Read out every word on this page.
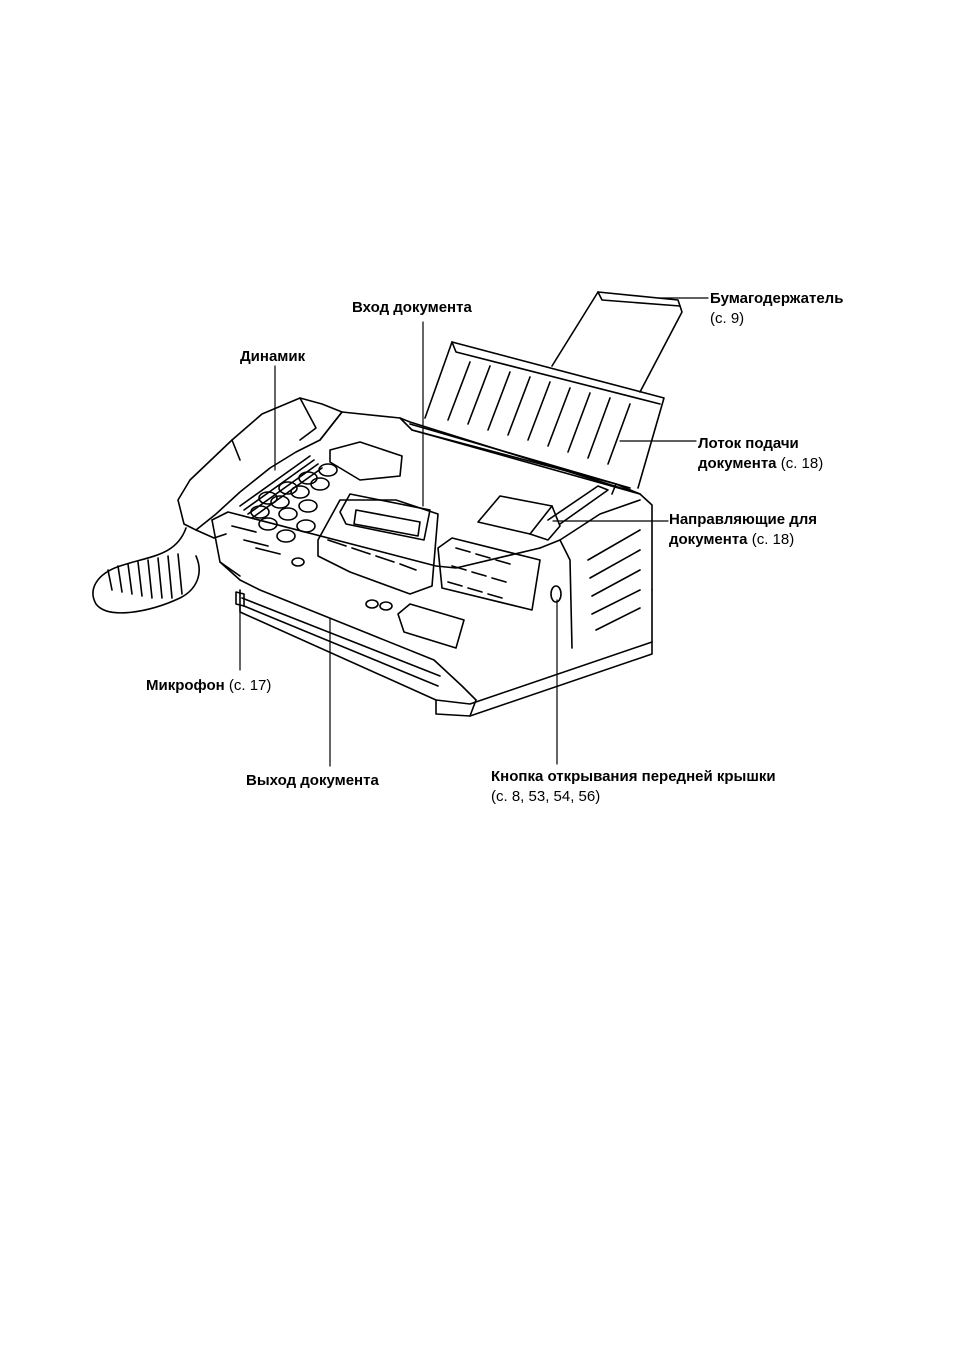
Вход документа
Динамик
Бумагодержатель
(с. 9)
Лоток подачи
документа (с. 18)
Направляющие для
документа (с. 18)
Микрофон (с. 17)
Выход документа	Кнопка открывания передней крышки
(с. 8, 53, 54, 56)
